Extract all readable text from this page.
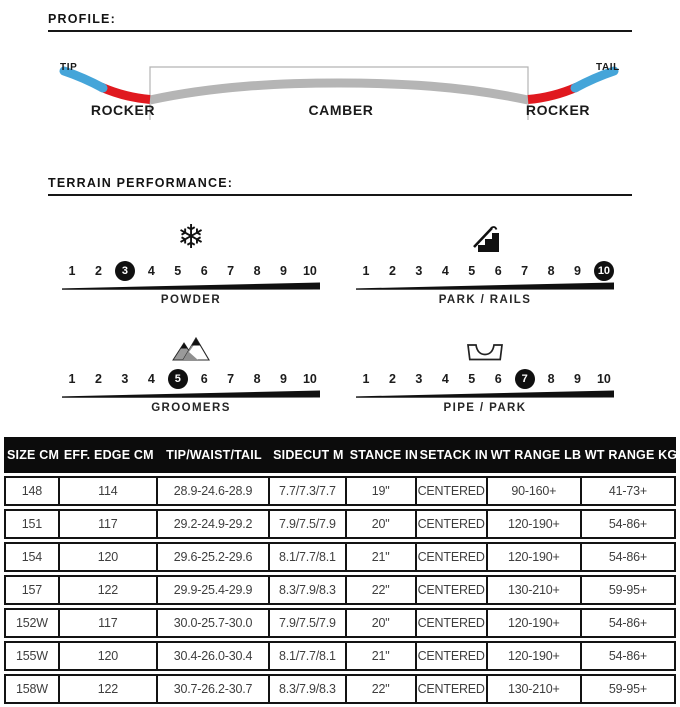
PROFILE:
TIP	TAIL
ROCKER	CAMBER	ROCKER
TERRAIN PERFORMANCE:
❄
1	2	3	4	5	6	7	8	9	10
POWDER
1	2	3	4	5	6	7	8	9	10
PARK / RAILS
1	2	3	4	5	6	7	8	9	10
GROOMERS
1	2	3	4	5	6	7	8	9	10
PIPE / PARK
SIZE CM	EFF. EDGE CM	TIP/WAIST/TAIL	SIDECUT M	STANCE IN	SETACK IN	WT RANGE LB	WT RANGE KG
148	114	28.9-24.6-28.9	7.7/7.3/7.7	19"	CENTERED	90-160+	41-73+
151	117	29.2-24.9-29.2	7.9/7.5/7.9	20"	CENTERED	120-190+	54-86+
154	120	29.6-25.2-29.6	8.1/7.7/8.1	21"	CENTERED	120-190+	54-86+
157	122	29.9-25.4-29.9	8.3/7.9/8.3	22"	CENTERED	130-210+	59-95+
152W	117	30.0-25.7-30.0	7.9/7.5/7.9	20"	CENTERED	120-190+	54-86+
155W	120	30.4-26.0-30.4	8.1/7.7/8.1	21"	CENTERED	120-190+	54-86+
158W	122	30.7-26.2-30.7	8.3/7.9/8.3	22"	CENTERED	130-210+	59-95+
